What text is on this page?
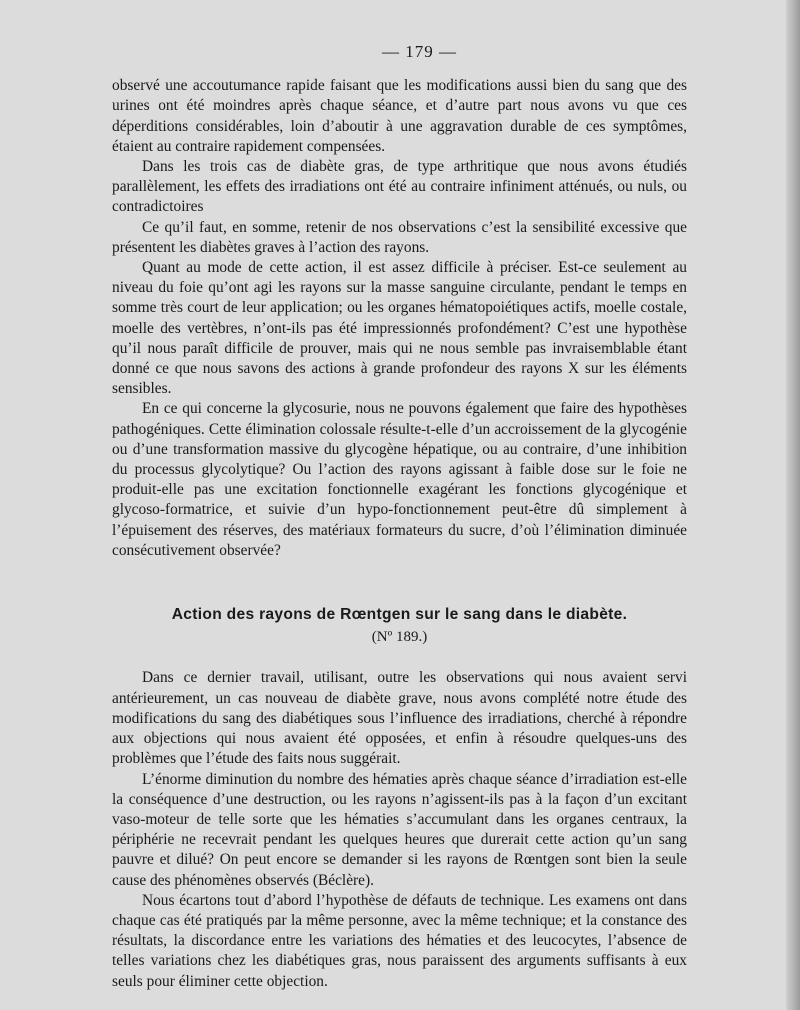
— 179 —

observé une accoutumance rapide faisant que les modifications aussi bien du sang que des urines ont été moindres après chaque séance, et d’autre part nous avons vu que ces déperditions considérables, loin d’aboutir à une aggravation durable de ces symptômes, étaient au contraire rapidement compensées.

Dans les trois cas de diabète gras, de type arthritique que nous avons étudiés parallèlement, les effets des irradiations ont été au contraire infiniment atténués, ou nuls, ou contradictoires

Ce qu’il faut, en somme, retenir de nos observations c’est la sensibilité excessive que présentent les diabètes graves à l’action des rayons.

Quant au mode de cette action, il est assez difficile à préciser. Est-ce seulement au niveau du foie qu’ont agi les rayons sur la masse sanguine circulante, pendant le temps en somme très court de leur application; ou les organes hématopoiétiques actifs, moelle costale, moelle des vertèbres, n’ont-ils pas été impressionnés profondément? C’est une hypothèse qu’il nous paraît difficile de prouver, mais qui ne nous semble pas invraisemblable étant donné ce que nous savons des actions à grande profondeur des rayons X sur les éléments sensibles.

En ce qui concerne la glycosurie, nous ne pouvons également que faire des hypothèses pathogéniques. Cette élimination colossale résulte-t-elle d’un accroissement de la glycogénie ou d’une transformation massive du glycogène hépatique, ou au contraire, d’une inhibition du processus glycolytique? Ou l’action des rayons agissant à faible dose sur le foie ne produit-elle pas une excitation fonctionnelle exagérant les fonctions glycogénique et glycoso-formatrice, et suivie d’un hypo-fonctionnement peut-être dû simplement à l’épuisement des réserves, des matériaux formateurs du sucre, d’où l’élimination diminuée consécutivement observée?

Action des rayons de Rœntgen sur le sang dans le diabète.
(Nº 189.)

Dans ce dernier travail, utilisant, outre les observations qui nous avaient servi antérieurement, un cas nouveau de diabète grave, nous avons complété notre étude des modifications du sang des diabétiques sous l’influence des irradiations, cherché à répondre aux objections qui nous avaient été opposées, et enfin à résoudre quelques-uns des problèmes que l’étude des faits nous suggérait.

L’énorme diminution du nombre des hématies après chaque séance d’irradiation est-elle la conséquence d’une destruction, ou les rayons n’agissent-ils pas à la façon d’un excitant vaso-moteur de telle sorte que les hématies s’accumulant dans les organes centraux, la périphérie ne recevrait pendant les quelques heures que durerait cette action qu’un sang pauvre et dilué? On peut encore se demander si les rayons de Rœntgen sont bien la seule cause des phénomènes observés (Béclère).

Nous écartons tout d’abord l’hypothèse de défauts de technique. Les examens ont dans chaque cas été pratiqués par la même personne, avec la même technique; et la constance des résultats, la discordance entre les variations des hématies et des leucocytes, l’absence de telles variations chez les diabétiques gras, nous paraissent des arguments suffisants à eux seuls pour éliminer cette objection.
